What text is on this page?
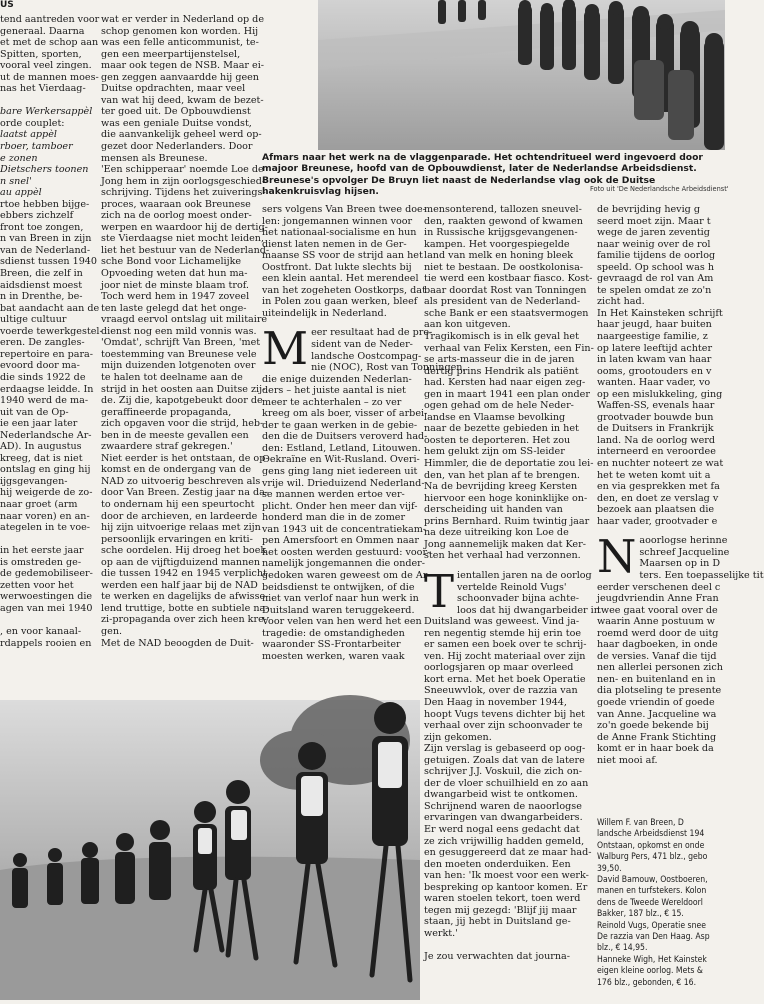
US
Afmars naar het werk na de vlaggenparade. Het ochtendritueel werd ingevoerd door majoor Breunese, hoofd van de Opbouwdienst, later de Nederlandse Arbeidsdienst. Breunese's opvolger De Bruyn liet naast de Nederlandse vlag ook de Duitse hakenkruisvlag hijsen.	Foto uit 'De Nederlandsche Arbeidsdienst'
tend aantreden voor
generaal. Daarna
et met de schop aan
Spitten, sporten,
vooral veel zingen.
ut de mannen moes-
nas het Vierdaag-

bare Werkersappèl
orde couplet:
laatst appèl
rboer, tamboer
e zonen
Dietschers toonen
n snel'
au appèl
rtoe hebben bijge-
ebbers zichzelf
front toe zongen,
n van Breen in zijn
van de Nederland-
sdienst tussen 1940
Breen, die zelf in
aidsdienst moest
n in Drenthe, be-
bat aandacht aan de
ultige cultuur
voerde tewerkgestel-
eren. De zangles-
repertoire en para-
evoord door ma-
die sinds 1922 de
erdaagse leidde. In
1940 werd de ma-
uit van de Op-
ie een jaar later
Nederlandsche Ar-
AD). In augustus
kreeg, dat is niet
ontslag en ging hij
ijgsgevangen-
hij weigerde de zo-
naar groet (arm
naar voren) en an-
ategelen in te voe-

in het eerste jaar
is omstreden ge-
de gedemobiliseer-
zetten voor het
werwoestingen die
agen van mei 1940

, en voor kanaal-
rdappels rooien en
wat er verder in Nederland op de
schop genomen kon worden. Hij
was een felle anticommunist, te-
gen een meerpartijenstelsel,
maar ook tegen de NSB. Maar ei-
gen zeggen aanvaardde hij geen
Duitse opdrachten, maar veel
van wat hij deed, kwam de bezet-
ter goed uit. De Opbouwdienst
was een geniale Duitse vondst,
die aanvankelijk geheel werd op-
gezet door Nederlanders. Door
mensen als Breunese.
'Een schipperaar' noemde Loe de
Jong hem in zijn oorlogsgeschied-
schrijving. Tijdens het zuiverings-
proces, waaraan ook Breunese
zich na de oorlog moest onder-
werpen en waardoor hij de dertig-
ste Vierdaagse niet mocht leiden,
liet het bestuur van de Nederland-
sche Bond voor Lichamelijke
Opvoeding weten dat hun ma-
joor niet de minste blaam trof.
Toch werd hem in 1947 zoveel
ten laste gelegd dat het onge-
vraagd eervol ontslag uit militaire
dienst nog een mild vonnis was.
'Omdat', schrijft Van Breen, 'met
toestemming van Breunese vele
mijn duizenden lotgenoten over
te halen tot deelname aan de
strijd in het oosten aan Duitse zij-
de. Zij die, kapotgebeukt door de
geraffineerde propaganda,
zich opgaven voor die strijd, heb-
ben in de meeste gevallen een
zwaardere straf gekregen.'
Niet eerder is het ontstaan, de op-
komst en de ondergang van de
NAD zo uitvoerig beschreven als
door Van Breen. Zestig jaar na da-
to ondernam hij een speurtocht
door de archieven, en lardeerde
hij zijn uitvoerige relaas met zijn
persoonlijk ervaringen en kriti-
sche oordelen. Hij droeg het boek
op aan de vijftigduizend mannen
die tussen 1942 en 1945 verplicht
werden een half jaar bij de NAD
te werken en dagelijks de afwisse-
lend truttige, botte en subtiele na-
zi-propaganda over zich heen kre-
gen.
Met de NAD beoogden de Duit-
sers volgens Van Breen twee doe-
len: jongemannen winnen voor
het nationaal-socialisme en hun
dienst laten nemen in de Ger-
maanse SS voor de strijd aan het
Oostfront. Dat lukte slechts bij
een klein aantal. Het merendeel
van het zogeheten Oostkorps, dat
in Polen zou gaan werken, bleef
uiteindelijk in Nederland.
M eer resultaat had de pre-
sident van de Neder-
landsche Oostcompag-
nie (NOC), Rost van Tonningen,
die enige duizenden Nederlan-
ders – het juiste aantal is niet
meer te achterhalen – zo ver
kreeg om als boer, visser of arbei-
der te gaan werken in de gebie-
den die de Duitsers veroverd had-
den: Estland, Letland, Litouwen.
Oekraïne en Wit-Rusland. Overi-
gens ging lang niet iedereen uit
vrije wil. Drieduizend Nederland-
se mannen werden ertoe ver-
plicht. Onder hen meer dan vijf-
honderd man die in de zomer
van 1943 uit de concentratiekam-
pen Amersfoort en Ommen naar
het oosten werden gestuurd: voor-
namelijk jongemannen die onder-
gedoken waren geweest om de Ar-
beidsdienst te ontwijken, of die
niet van verlof naar hun werk in
Duitsland waren teruggekeerd.
Voor velen van hen werd het een
tragedie: de omstandigheden
waaronder SS-Frontarbeiter
moesten werken, waren vaak
mensonterend, tallozen sneuvel-
den, raakten gewond of kwamen
in Russische krijgsgevangenen-
kampen. Het voorgespiegelde
land van melk en honing bleek
niet te bestaan. De oostkolonisa-
tie werd een kostbaar fiasco. Kost-
baar doordat Rost van Tonningen
als president van de Nederland-
sche Bank er een staatsvermogen
aan kon uitgeven.
Tragikomisch is in elk geval het
verhaal van Felix Kersten, een Fin-
se arts-masseur die in de jaren
dertig prins Hendrik als patiënt
had. Kersten had naar eigen zeg-
gen in maart 1941 een plan onder
ogen gehad om de hele Neder-
landse en Vlaamse bevolking
naar de bezette gebieden in het
oosten te deporteren. Het zou
hem gelukt zijn om SS-leider
Himmler, die de deportatie zou lei-
den, van het plan af te brengen.
Na de bevrijding kreeg Kersten
hiervoor een hoge koninklijke on-
derscheiding uit handen van
prins Bernhard. Ruim twintig jaar
na deze uitreiking kon Loe de
Jong aannemelijk maken dat Ker-
sten het verhaal had verzonnen.
T ientallen jaren na de oorlog
vertelde Reinold Vugs'
schoonvader bijna achte-
loos dat hij dwangarbeider in
Duitsland was geweest. Vind ja-
ren negentig stemde hij erin toe
er samen een boek over te schrij-
ven. Hij zocht materiaal over zijn
oorlogsjaren op maar overleed
kort erna. Met het boek Operatie
Sneeuwvlok, over de razzia van
Den Haag in november 1944,
hoopt Vugs tevens dichter bij het
verhaal over zijn schoonvader te
zijn gekomen.
Zijn verslag is gebaseerd op oog-
getuigen. Zoals dat van de latere
schrijver J.J. Voskuil, die zich on-
der de vloer schuilhield en zo aan
dwangarbeid wist te ontkomen.
Schrijnend waren de naoorlogse
ervaringen van dwangarbeiders.
Er werd nogal eens gedacht dat
ze zich vrijwillig hadden gemeld,
en gesuggereerd dat ze maar had-
den moeten onderduiken. Een
van hen: 'Ik moest voor een werk-
bespreking op kantoor komen. Er
waren stoelen tekort, toen werd
tegen mij gezegd: 'Blijf jij maar
staan, jij hebt in Duitsland ge-
werkt.'

Je zou verwachten dat journa-
de bevrijding hevig g
seerd moet zijn. Maar t
wege de jaren zeventig
naar weinig over de rol
familie tijdens de oorlog
speeld. Op school was h
gevraagd de rol van Am
te spelen omdat ze zo'n
zicht had.
In Het Kainsteken schrijft
haar jeugd, haar buiten
naargeestige familie, z
op latere leeftijd achter
in laten kwam van haar
ooms, grootouders en v
wanten. Haar vader, vo
op een mislukkeling, ging
Waffen-SS, evenals haar
grootvader bouwde bun
de Duitsers in Frankrijk
land. Na de oorlog werd
interneerd en veroordee
en nuchter noteert ze wat
het te weten komt uit a
en via gesprekken met fa
den, en doet ze verslag v
bezoek aan plaatsen die
haar vader, grootvader e
N aoorlogse herinne
schreef Jacqueline
Maarsen op in D
ters. Een toepasselijke tit
eerder verschenen deel c
jeugdvriendin Anne Fran
twee gaat vooral over de
waarin Anne postuum w
roemd werd door de uitg
haar dagboeken, in onde
de versies. Vanaf die tijd
nen allerlei personen zich
nen- en buitenland en in
dia plotseling te presente
goede vriendin of goede
van Anne. Jacqueline wa
zo'n goede bekende bij
de Anne Frank Stichting
komt er in haar boek da
niet mooi af.
Willem F. van Breen, D
landsche Arbeidsdienst 194
Ontstaan, opkomst en onde
Walburg Pers, 471 blz., gebo
39,50.
David Bamouw, Oostboeren,
manen en turfstekers. Kolon
dens de Tweede Wereldoorl
Bakker, 187 blz., € 15.
Reinold Vugs, Operatie snee
De razzia van Den Haag. Asp
blz., € 14,95.
Hanneke Wigh, Het Kainstek
eigen kleine oorlog. Mets &
176 blz., gebonden, € 16.
